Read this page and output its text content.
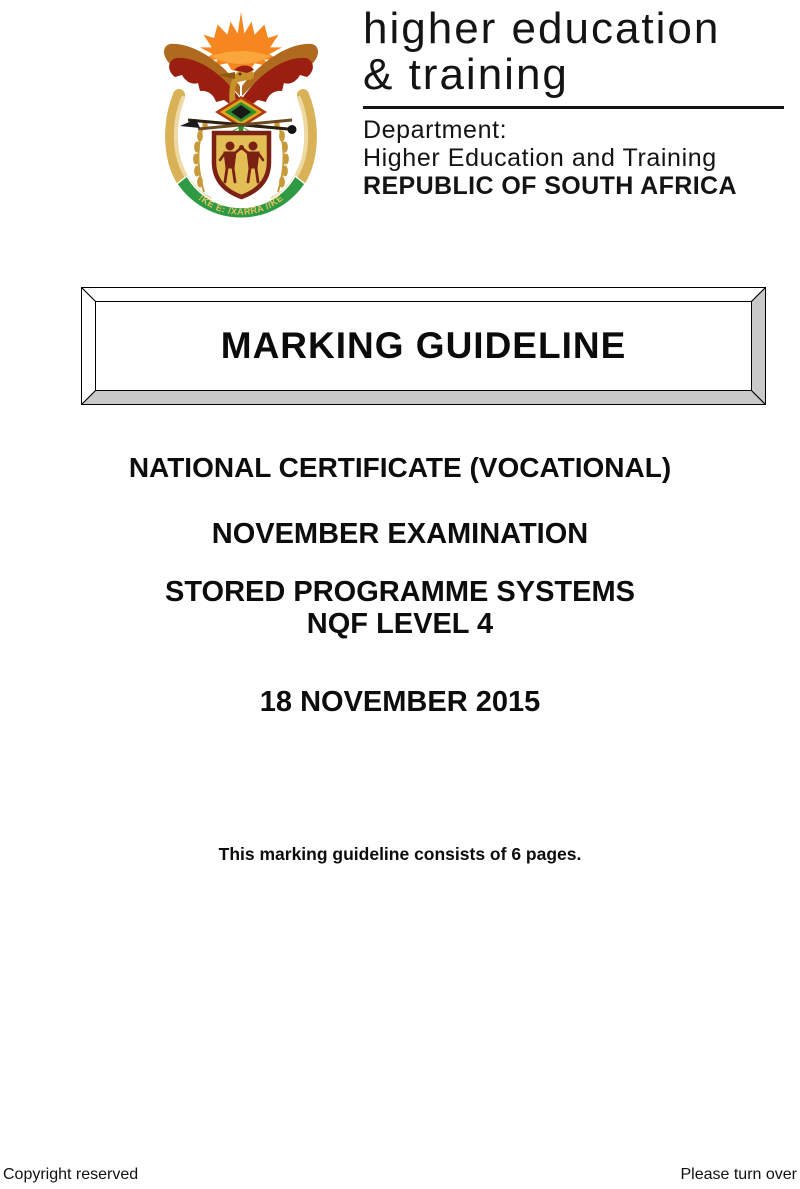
!KE E: /XARRA //KE
higher education
& training
Department:
Higher Education and Training
REPUBLIC OF SOUTH AFRICA
MARKING GUIDELINE
NATIONAL CERTIFICATE (VOCATIONAL)
NOVEMBER EXAMINATION
STORED PROGRAMME SYSTEMS
NQF LEVEL 4
18 NOVEMBER 2015
This marking guideline consists of 6 pages.
Copyright reserved	Please turn over
